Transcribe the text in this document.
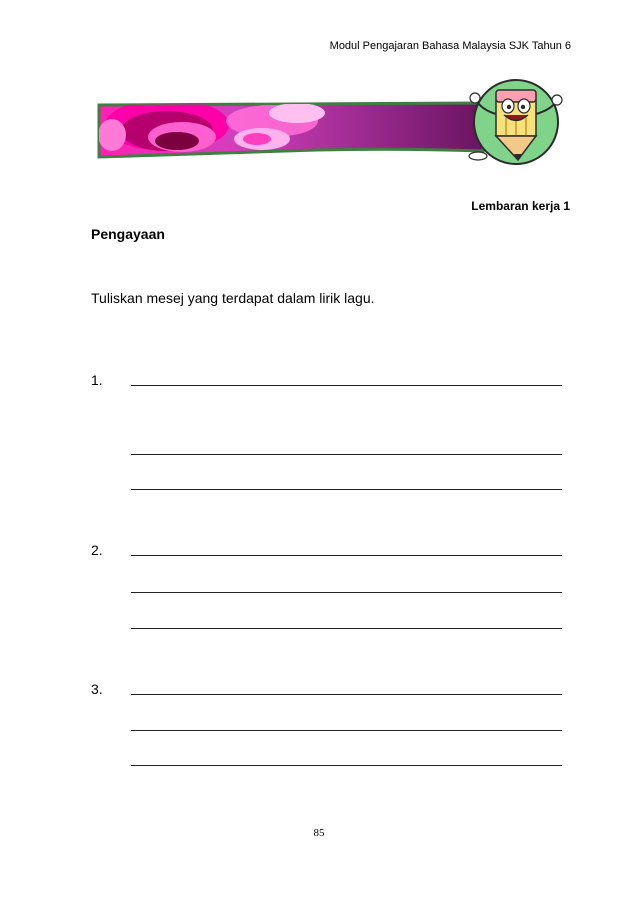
Modul Pengajaran Bahasa Malaysia SJK Tahun 6
Lembaran kerja 1
Pengayaan
Tuliskan mesej yang terdapat dalam lirik lagu.
1.
2.
3.
85
